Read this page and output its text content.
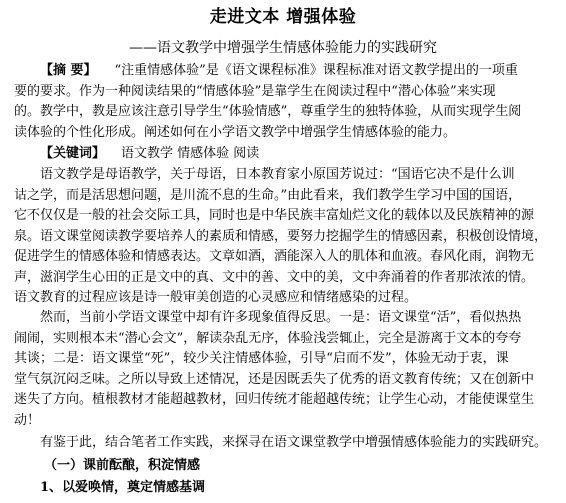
走进文本 增强体验
——语文教学中增强学生情感体验能力的实践研究
【摘 要】 “注重情感体验”是《语文课程标准》课程标准对语文教学提出的一项重
要的要求。作为一种阅读结果的“情感体验”是靠学生在阅读过程中“潜心体验”来实现
的。教学中，教是应该注意引导学生“体验情感”，尊重学生的独特体验，从而实现学生阅
读体验的个性化形成。阐述如何在小学语文教学中增强学生情感体验的能力。
【关键词】 语文教学 情感体验 阅读
语文教学是母语教学，关于母语，日本教育家小原国芳说过：“国语它决不是什么训
诂之学，而是活思想问题，是川流不息的生命。”由此看来，我们教学生学习中国的国语，
它不仅仅是一般的社会交际工具，同时也是中华民族丰富灿烂文化的载体以及民族精神的源
泉。语文课堂阅读教学要培养人的素质和情感，要努力挖掘学生的情感因素，积极创设情境，
促进学生的情感体验和情感表达。文章如酒，酒能深入人的肌体和血液。春风化雨，润物无
声，滋润学生心田的正是文中的真、文中的善、文中的美，文中奔涌着的作者那浓浓的情。
语文教育的过程应该是诗一般审美创造的心灵感应和情绪感染的过程。
然而，当前小学语文课堂中却有许多现象值得反思。一是：语文课堂“活”，看似热热
闹闹，实则根本未“潜心会文”，解读杂乱无序，体验浅尝辄止，完全是游离于文本的夸夸
其谈；二是：语文课堂“死”，较少关注情感体验，引导“启而不发”，体验无动于衷，课
堂气氛沉闷乏味。之所以导致上述情况，还是因既丢失了优秀的语文教育传统；又在创新中
迷失了方向。植根教材才能超越教材，回归传统才能超越传统；让学生心动，才能使课堂生
动！
有鉴于此，结合笔者工作实践，来探寻在语文课堂教学中增强情感体验能力的实践研究。
（一）课前酝酿，积淀情感
1、以爱唤情，奠定情感基调
